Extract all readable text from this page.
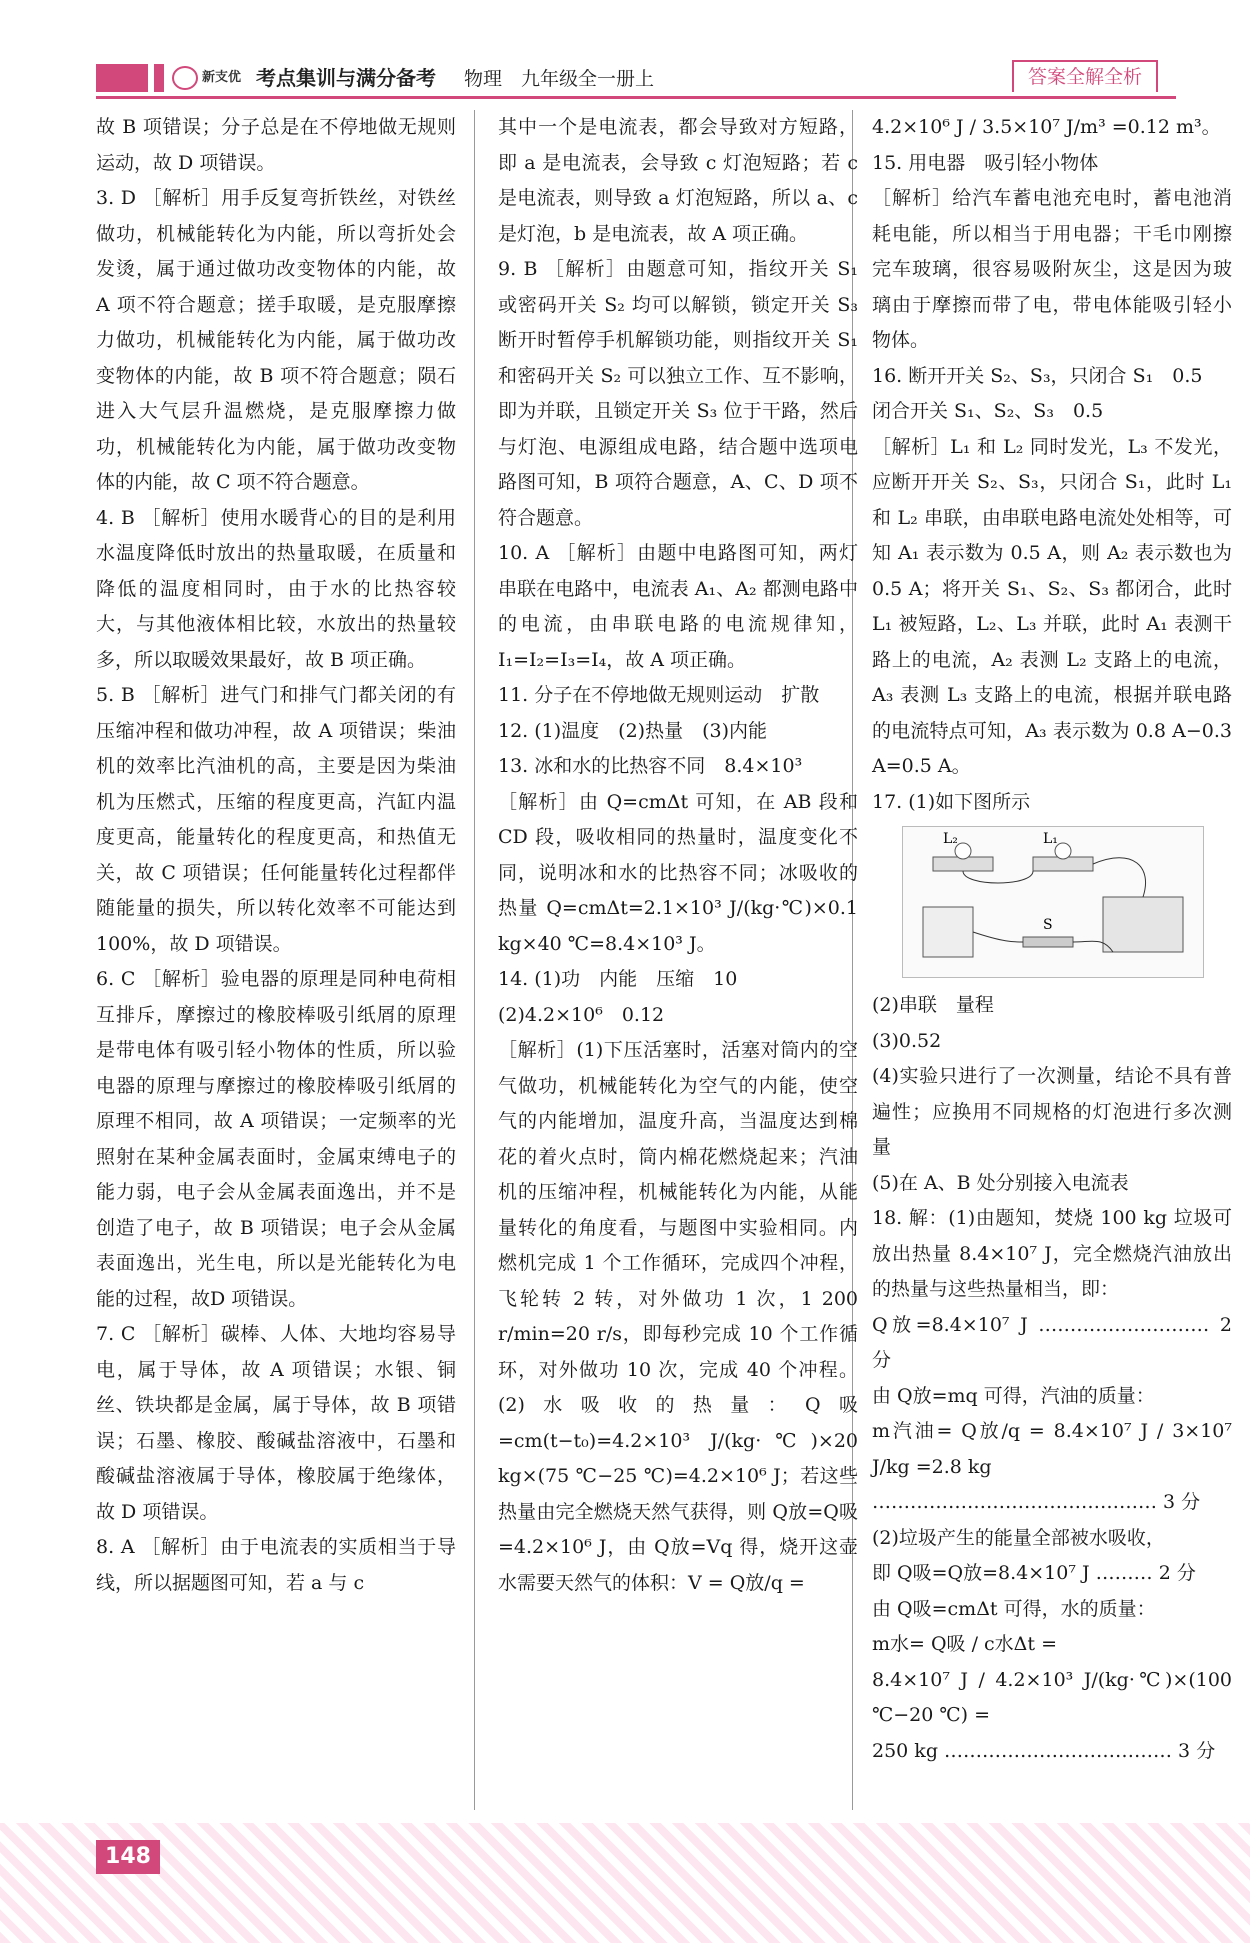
新支优 考点集训与满分备考 物理　九年级全一册上	答案全解全析

故 B 项错误；分子总是在不停地做无规则运动，故 D 项错误。

3. D ［解析］用手反复弯折铁丝，对铁丝做功，机械能转化为内能，所以弯折处会发烫，属于通过做功改变物体的内能，故 A 项不符合题意；搓手取暖，是克服摩擦力做功，机械能转化为内能，属于做功改变物体的内能，故 B 项不符合题意；陨石进入大气层升温燃烧，是克服摩擦力做功，机械能转化为内能，属于做功改变物体的内能，故 C 项不符合题意。

4. B ［解析］使用水暖背心的目的是利用水温度降低时放出的热量取暖，在质量和降低的温度相同时，由于水的比热容较大，与其他液体相比较，水放出的热量较多，所以取暖效果最好，故 B 项正确。

5. B ［解析］进气门和排气门都关闭的有压缩冲程和做功冲程，故 A 项错误；柴油机的效率比汽油机的高，主要是因为柴油机为压燃式，压缩的程度更高，汽缸内温度更高，能量转化的程度更高，和热值无关，故 C 项错误；任何能量转化过程都伴随能量的损失，所以转化效率不可能达到 100%，故 D 项错误。

6. C ［解析］验电器的原理是同种电荷相互排斥，摩擦过的橡胶棒吸引纸屑的原理是带电体有吸引轻小物体的性质，所以验电器的原理与摩擦过的橡胶棒吸引纸屑的原理不相同，故 A 项错误；一定频率的光照射在某种金属表面时，金属束缚电子的能力弱，电子会从金属表面逸出，并不是创造了电子，故 B 项错误；电子会从金属表面逸出，光生电，所以是光能转化为电能的过程，故D 项错误。

7. C ［解析］碳棒、人体、大地均容易导电，属于导体，故 A 项错误；水银、铜丝、铁块都是金属，属于导体，故 B 项错误；石墨、橡胶、酸碱盐溶液中，石墨和酸碱盐溶液属于导体，橡胶属于绝缘体，故 D 项错误。

8. A ［解析］由于电流表的实质相当于导线，所以据题图可知，若 a 与 c

其中一个是电流表，都会导致对方短路，即 a 是电流表，会导致 c 灯泡短路；若 c 是电流表，则导致 a 灯泡短路，所以 a、c 是灯泡，b 是电流表，故 A 项正确。

9. B ［解析］由题意可知，指纹开关 S₁ 或密码开关 S₂ 均可以解锁，锁定开关 S₃ 断开时暂停手机解锁功能，则指纹开关 S₁ 和密码开关 S₂ 可以独立工作、互不影响，即为并联，且锁定开关 S₃ 位于干路，然后与灯泡、电源组成电路，结合题中选项电路图可知，B 项符合题意，A、C、D 项不符合题意。

10. A ［解析］由题中电路图可知，两灯串联在电路中，电流表 A₁、A₂ 都测电路中的电流，由串联电路的电流规律知，I₁=I₂=I₃=I₄，故 A 项正确。

11. 分子在不停地做无规则运动　扩散

12. (1)温度　(2)热量　(3)内能

13. 冰和水的比热容不同　8.4×10³

［解析］由 Q=cmΔt 可知，在 AB 段和 CD 段，吸收相同的热量时，温度变化不同，说明冰和水的比热容不同；冰吸收的热量 Q=cmΔt=2.1×10³ J/(kg·℃)×0.1 kg×40 ℃=8.4×10³ J。

14. (1)功　内能　压缩　10

(2)4.2×10⁶　0.12

［解析］(1)下压活塞时，活塞对筒内的空气做功，机械能转化为空气的内能，使空气的内能增加，温度升高，当温度达到棉花的着火点时，筒内棉花燃烧起来；汽油机的压缩冲程，机械能转化为内能，从能量转化的角度看，与题图中实验相同。内燃机完成 1 个工作循环，完成四个冲程，飞轮转 2 转，对外做功 1 次，1 200 r/min=20 r/s，即每秒完成 10 个工作循环，对外做功 10 次，完成 40 个冲程。(2)水吸收的热量：Q吸=cm(t−t₀)=4.2×10³ J/(kg·℃)×20 kg×(75 ℃−25 ℃)=4.2×10⁶ J；若这些热量由完全燃烧天然气获得，则 Q放=Q吸=4.2×10⁶ J，由 Q放=Vq 得，烧开这壶水需要天然气的体积：V = Q放/q =

4.2×10⁶ J / 3.5×10⁷ J/m³ =0.12 m³。

15. 用电器　吸引轻小物体

［解析］给汽车蓄电池充电时，蓄电池消耗电能，所以相当于用电器；干毛巾刚擦完车玻璃，很容易吸附灰尘，这是因为玻璃由于摩擦而带了电，带电体能吸引轻小物体。

16. 断开开关 S₂、S₃，只闭合 S₁　0.5

闭合开关 S₁、S₂、S₃　0.5

［解析］L₁ 和 L₂ 同时发光，L₃ 不发光，应断开开关 S₂、S₃，只闭合 S₁，此时 L₁ 和 L₂ 串联，由串联电路电流处处相等，可知 A₁ 表示数为 0.5 A，则 A₂ 表示数也为 0.5 A；将开关 S₁、S₂、S₃ 都闭合，此时 L₁ 被短路，L₂、L₃ 并联，此时 A₁ 表测干路上的电流，A₂ 表测 L₂ 支路上的电流，A₃ 表测 L₃ 支路上的电流，根据并联电路的电流特点可知，A₃ 表示数为 0.8 A−0.3 A=0.5 A。

17. (1)如下图所示

L₂	L₁
S

(2)串联　量程

(3)0.52

(4)实验只进行了一次测量，结论不具有普遍性；应换用不同规格的灯泡进行多次测量

(5)在 A、B 处分别接入电流表

18. 解：(1)由题知，焚烧 100 kg 垃圾可放出热量 8.4×10⁷ J，完全燃烧汽油放出的热量与这些热量相当，即：

Q放=8.4×10⁷ J ……………………… 2 分

由 Q放=mq 可得，汽油的质量：

m汽油= Q放/q = 8.4×10⁷ J / 3×10⁷ J/kg =2.8 kg

……………………………………… 3 分

(2)垃圾产生的能量全部被水吸收，

即 Q吸=Q放=8.4×10⁷ J ……… 2 分

由 Q吸=cmΔt 可得，水的质量：

m水= Q吸 / c水Δt =

8.4×10⁷ J / 4.2×10³ J/(kg·℃)×(100 ℃−20 ℃) =

250 kg ……………………………… 3 分

148
